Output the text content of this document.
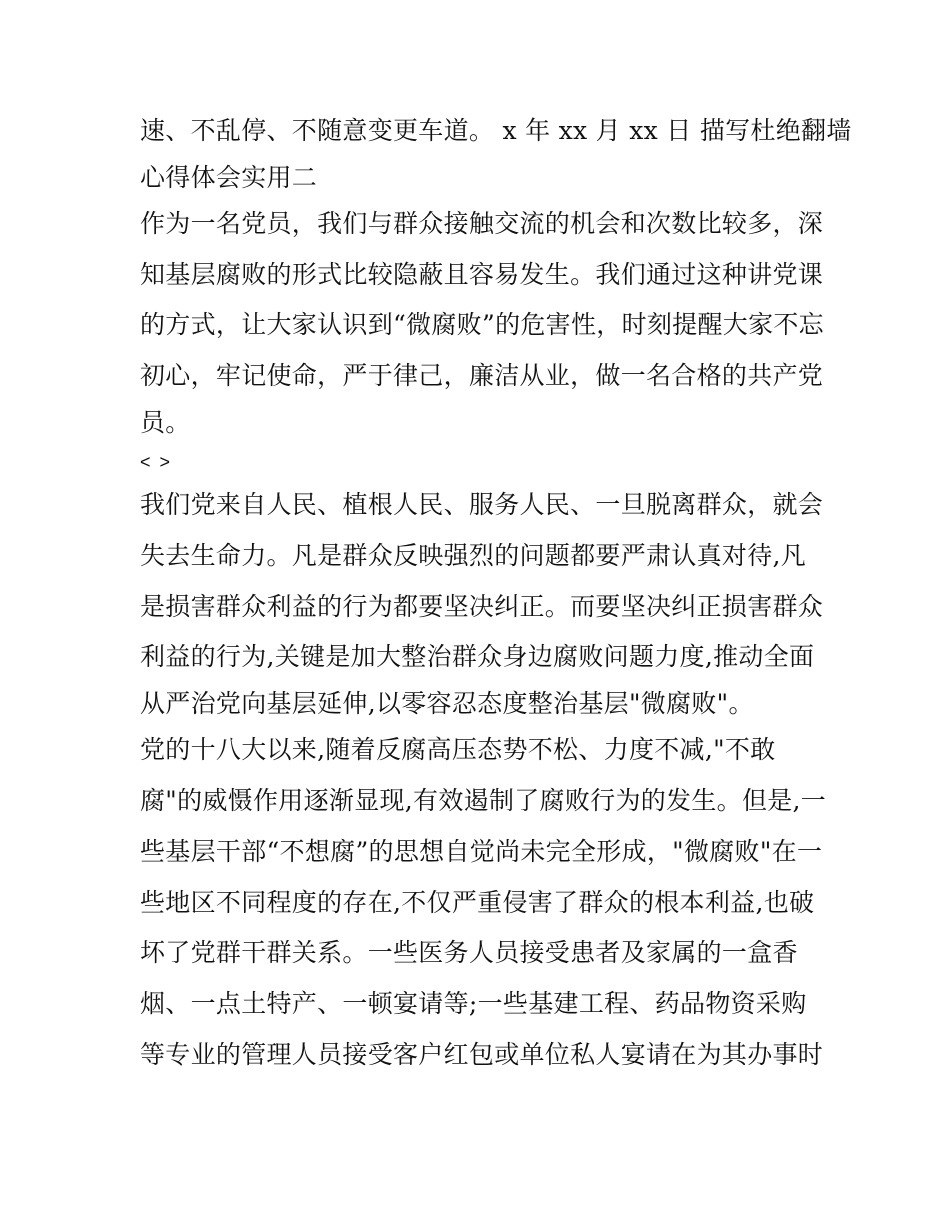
速、不乱停、不随意变更车道。 x 年 xx 月 xx 日 描写杜绝翻墙
心得体会实用二
作为一名党员，我们与群众接触交流的机会和次数比较多，深
知基层腐败的形式比较隐蔽且容易发生。我们通过这种讲党课
的方式，让大家认识到“微腐败”的危害性，时刻提醒大家不忘
初心，牢记使命，严于律己，廉洁从业，做一名合格的共产党
员。
< >
我们党来自人民、植根人民、服务人民、一旦脱离群众，就会
失去生命力。凡是群众反映强烈的问题都要严肃认真对待,凡
是损害群众利益的行为都要坚决纠正。而要坚决纠正损害群众
利益的行为,关键是加大整治群众身边腐败问题力度,推动全面
从严治党向基层延伸,以零容忍态度整治基层"微腐败"。
党的十八大以来,随着反腐高压态势不松、力度不减,"不敢
腐"的威慑作用逐渐显现,有效遏制了腐败行为的发生。但是,一
些基层干部“不想腐”的思想自觉尚未完全形成，"微腐败"在一
些地区不同程度的存在,不仅严重侵害了群众的根本利益,也破
坏了党群干群关系。一些医务人员接受患者及家属的一盒香
烟、一点土特产、一顿宴请等;一些基建工程、药品物资采购
等专业的管理人员接受客户红包或单位私人宴请在为其办事时
